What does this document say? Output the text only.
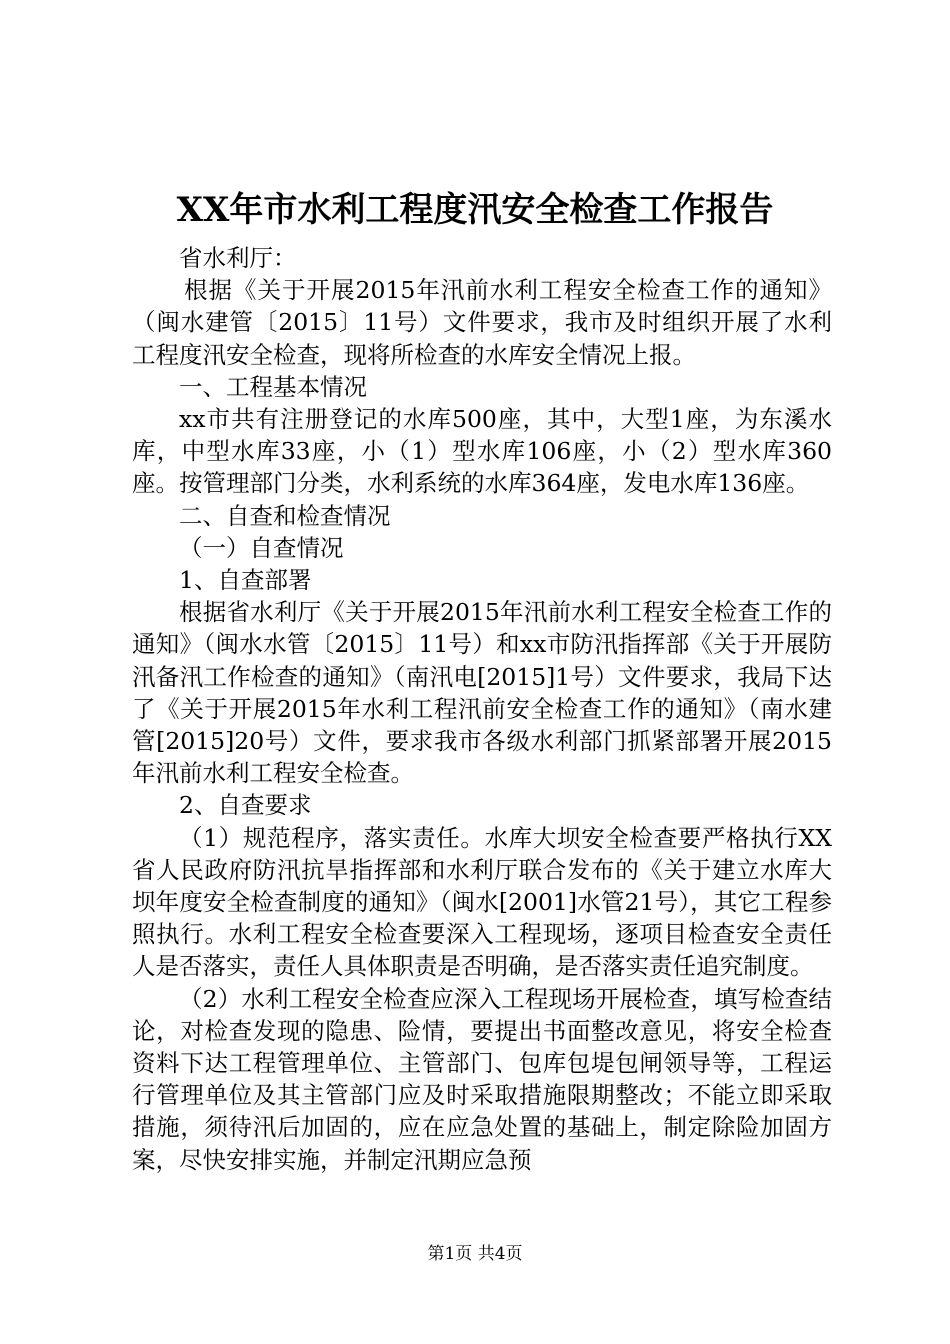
XX年市水利工程度汛安全检查工作报告

省水利厅：

根据《关于开展2015年汛前水利工程安全检查工作的通知》（闽水建管〔2015〕11号）文件要求，我市及时组织开展了水利工程度汛安全检查，现将所检查的水库安全情况上报。

一、工程基本情况

xx市共有注册登记的水库500座，其中，大型1座，为东溪水库，中型水库33座，小（1）型水库106座，小（2）型水库360座。按管理部门分类，水利系统的水库364座，发电水库136座。

二、自查和检查情况

（一）自查情况

1、自查部署

根据省水利厅《关于开展2015年汛前水利工程安全检查工作的通知》（闽水水管〔2015〕11号）和xx市防汛指挥部《关于开展防汛备汛工作检查的通知》（南汛电[2015]1号）文件要求，我局下达了《关于开展2015年水利工程汛前安全检查工作的通知》（南水建管[2015]20号）文件，要求我市各级水利部门抓紧部署开展2015年汛前水利工程安全检查。

2、自查要求

（1）规范程序，落实责任。水库大坝安全检查要严格执行XX省人民政府防汛抗旱指挥部和水利厅联合发布的《关于建立水库大坝年度安全检查制度的通知》（闽水[2001]水管21号），其它工程参照执行。水利工程安全检查要深入工程现场，逐项目检查安全责任人是否落实，责任人具体职责是否明确，是否落实责任追究制度。

（2）水利工程安全检查应深入工程现场开展检查，填写检查结论，对检查发现的隐患、险情，要提出书面整改意见，将安全检查资料下达工程管理单位、主管部门、包库包堤包闸领导等，工程运行管理单位及其主管部门应及时采取措施限期整改；不能立即采取措施，须待汛后加固的，应在应急处置的基础上，制定除险加固方案，尽快安排实施，并制定汛期应急预

第1页 共4页
